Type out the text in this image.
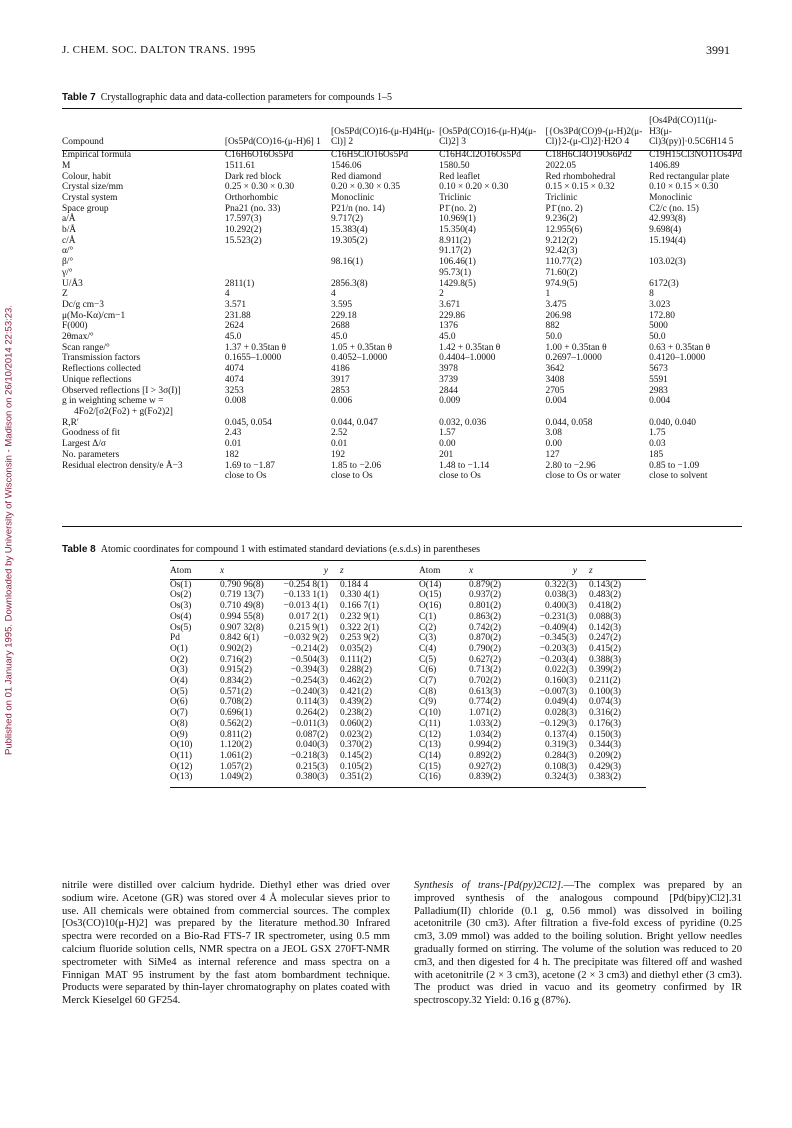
Published on 01 January 1995. Downloaded by University of Wisconsin - Madison on 26/10/2014 22:53:23.
J. CHEM. SOC. DALTON TRANS. 1995	3991
Table 7 Crystallographic data and data-collection parameters for compounds 1–5
Compound	[Os5Pd(CO)16-(μ-H)6] 1	[Os5Pd(CO)16-(μ-H)4H(μ-Cl)] 2	[Os5Pd(CO)16-(μ-H)4(μ-Cl)2] 3	[{Os3Pd(CO)9-(μ-H)2(μ-Cl)}2-(μ-Cl)2]·H2O 4	[Os4Pd(CO)11(μ-H3(μ-Cl)3(py)]·0.5C6H14 5
Empirical formula	C16H6O16Os5Pd	C16H5ClO16Os5Pd	C16H4Cl2O16Os5Pd	C18H6Cl4O19Os6Pd2	C19H15Cl3NO11Os4Pd
M	1511.61	1546.06	1580.50	2022.05	1406.89
Colour, habit	Dark red block	Red diamond	Red leaflet	Red rhombohedral	Red rectangular plate
Crystal size/mm	0.25 × 0.30 × 0.30	0.20 × 0.30 × 0.35	0.10 × 0.20 × 0.30	0.15 × 0.15 × 0.32	0.10 × 0.15 × 0.30
Crystal system	Orthorhombic	Monoclinic	Triclinic	Triclinic	Monoclinic
Space group	Pna21 (no. 33)	P21/n (no. 14)	P1̄ (no. 2)	P1̄ (no. 2)	C2/c (no. 15)
a/Å	17.597(3)	9.717(2)	10.969(1)	9.236(2)	42.993(8)
b/Å	10.292(2)	15.383(4)	15.350(4)	12.955(6)	9.698(4)
c/Å	15.523(2)	19.305(2)	8.911(2)	9.212(2)	15.194(4)
α/°			91.17(2)	92.42(3)	
β/°		98.16(1)	106.46(1)	110.77(2)	103.02(3)
γ/°			95.73(1)	71.60(2)	
U/Å3	2811(1)	2856.3(8)	1429.8(5)	974.9(5)	6172(3)
Z	4	4	2	1	8
Dc/g cm−3	3.571	3.595	3.671	3.475	3.023
μ(Mo-Kα)/cm−1	231.88	229.18	229.86	206.98	172.80
F(000)	2624	2688	1376	882	5000
2θmax/°	45.0	45.0	45.0	50.0	50.0
Scan range/°	1.37 + 0.35tan θ	1.05 + 0.35tan θ	1.42 + 0.35tan θ	1.00 + 0.35tan θ	0.63 + 0.35tan θ
Transmission factors	0.1655–1.0000	0.4052–1.0000	0.4404–1.0000	0.2697–1.0000	0.4120–1.0000
Reflections collected	4074	4186	3978	3642	5673
Unique reflections	4074	3917	3739	3408	5591
Observed reflections [I > 3σ(I)]	3253	2853	2844	2705	2983
g in weighting scheme w =	0.008	0.006	0.009	0.004	0.004
4Fo2/[σ2(Fo2) + g(Fo2)2]					
R,R′	0.045, 0.054	0.044, 0.047	0.032, 0.036	0.044, 0.058	0.040, 0.040
Goodness of fit	2.43	2.52	1.57	3.08	1.75
Largest Δ/σ	0.01	0.01	0.00	0.00	0.03
No. parameters	182	192	201	127	185
Residual electron density/e Å−3	1.69 to −1.87	1.85 to −2.06	1.48 to −1.14	2.80 to −2.96	0.85 to −1.09
	close to Os	close to Os	close to Os	close to Os or water	close to solvent
Table 8 Atomic coordinates for compound 1 with estimated standard deviations (e.s.d.s) in parentheses
Atom	x	y	z	Atom	x	y	z
Os(1)	0.790 96(8)	−0.254 8(1)	0.184 4	O(14)	0.879(2)	0.322(3)	0.143(2)
Os(2)	0.719 13(7)	−0.133 1(1)	0.330 4(1)	O(15)	0.937(2)	0.038(3)	0.483(2)
Os(3)	0.710 49(8)	−0.013 4(1)	0.166 7(1)	O(16)	0.801(2)	0.400(3)	0.418(2)
Os(4)	0.994 55(8)	0.017 2(1)	0.232 9(1)	C(1)	0.863(2)	−0.231(3)	0.088(3)
Os(5)	0.907 32(8)	0.215 9(1)	0.322 2(1)	C(2)	0.742(2)	−0.409(4)	0.142(3)
Pd	0.842 6(1)	−0.032 9(2)	0.253 9(2)	C(3)	0.870(2)	−0.345(3)	0.247(2)
O(1)	0.902(2)	−0.214(2)	0.035(2)	C(4)	0.790(2)	−0.203(3)	0.415(2)
O(2)	0.716(2)	−0.504(3)	0.111(2)	C(5)	0.627(2)	−0.203(4)	0.388(3)
O(3)	0.915(2)	−0.394(3)	0.288(2)	C(6)	0.713(2)	0.022(3)	0.399(2)
O(4)	0.834(2)	−0.254(3)	0.462(2)	C(7)	0.702(2)	0.160(3)	0.211(2)
O(5)	0.571(2)	−0.240(3)	0.421(2)	C(8)	0.613(3)	−0.007(3)	0.100(3)
O(6)	0.708(2)	0.114(3)	0.439(2)	C(9)	0.774(2)	0.049(4)	0.074(3)
O(7)	0.696(1)	0.264(2)	0.238(2)	C(10)	1.071(2)	0.028(3)	0.316(2)
O(8)	0.562(2)	−0.011(3)	0.060(2)	C(11)	1.033(2)	−0.129(3)	0.176(3)
O(9)	0.811(2)	0.087(2)	0.023(2)	C(12)	1.034(2)	0.137(4)	0.150(3)
O(10)	1.120(2)	0.040(3)	0.370(2)	C(13)	0.994(2)	0.319(3)	0.344(3)
O(11)	1.061(2)	−0.218(3)	0.145(2)	C(14)	0.892(2)	0.284(3)	0.209(2)
O(12)	1.057(2)	0.215(3)	0.105(2)	C(15)	0.927(2)	0.108(3)	0.429(3)
O(13)	1.049(2)	0.380(3)	0.351(2)	C(16)	0.839(2)	0.324(3)	0.383(2)

nitrile were distilled over calcium hydride. Diethyl ether was dried over sodium wire. Acetone (GR) was stored over 4 Å molecular sieves prior to use. All chemicals were obtained from commercial sources. The complex [Os3(CO)10(μ-H)2] was prepared by the literature method.30 Infrared spectra were recorded on a Bio-Rad FTS-7 IR spectrometer, using 0.5 mm calcium fluoride solution cells, NMR spectra on a JEOL GSX 270FT-NMR spectrometer with SiMe4 as internal reference and mass spectra on a Finnigan MAT 95 instrument by the fast atom bombardment technique. Products were separated by thin-layer chromatography on plates coated with Merck Kieselgel 60 GF254.

Synthesis of trans-[Pd(py)2Cl2].—The complex was prepared by an improved synthesis of the analogous compound [Pd(bipy)Cl2].31 Palladium(II) chloride (0.1 g, 0.56 mmol) was dissolved in boiling acetonitrile (30 cm3). After filtration a five-fold excess of pyridine (0.25 cm3, 3.09 mmol) was added to the boiling solution. Bright yellow needles gradually formed on stirring. The volume of the solution was reduced to 20 cm3, and then digested for 4 h. The precipitate was filtered off and washed with acetonitrile (2 × 3 cm3), acetone (2 × 3 cm3) and diethyl ether (3 cm3). The product was dried in vacuo and its geometry confirmed by IR spectroscopy.32 Yield: 0.16 g (87%).
